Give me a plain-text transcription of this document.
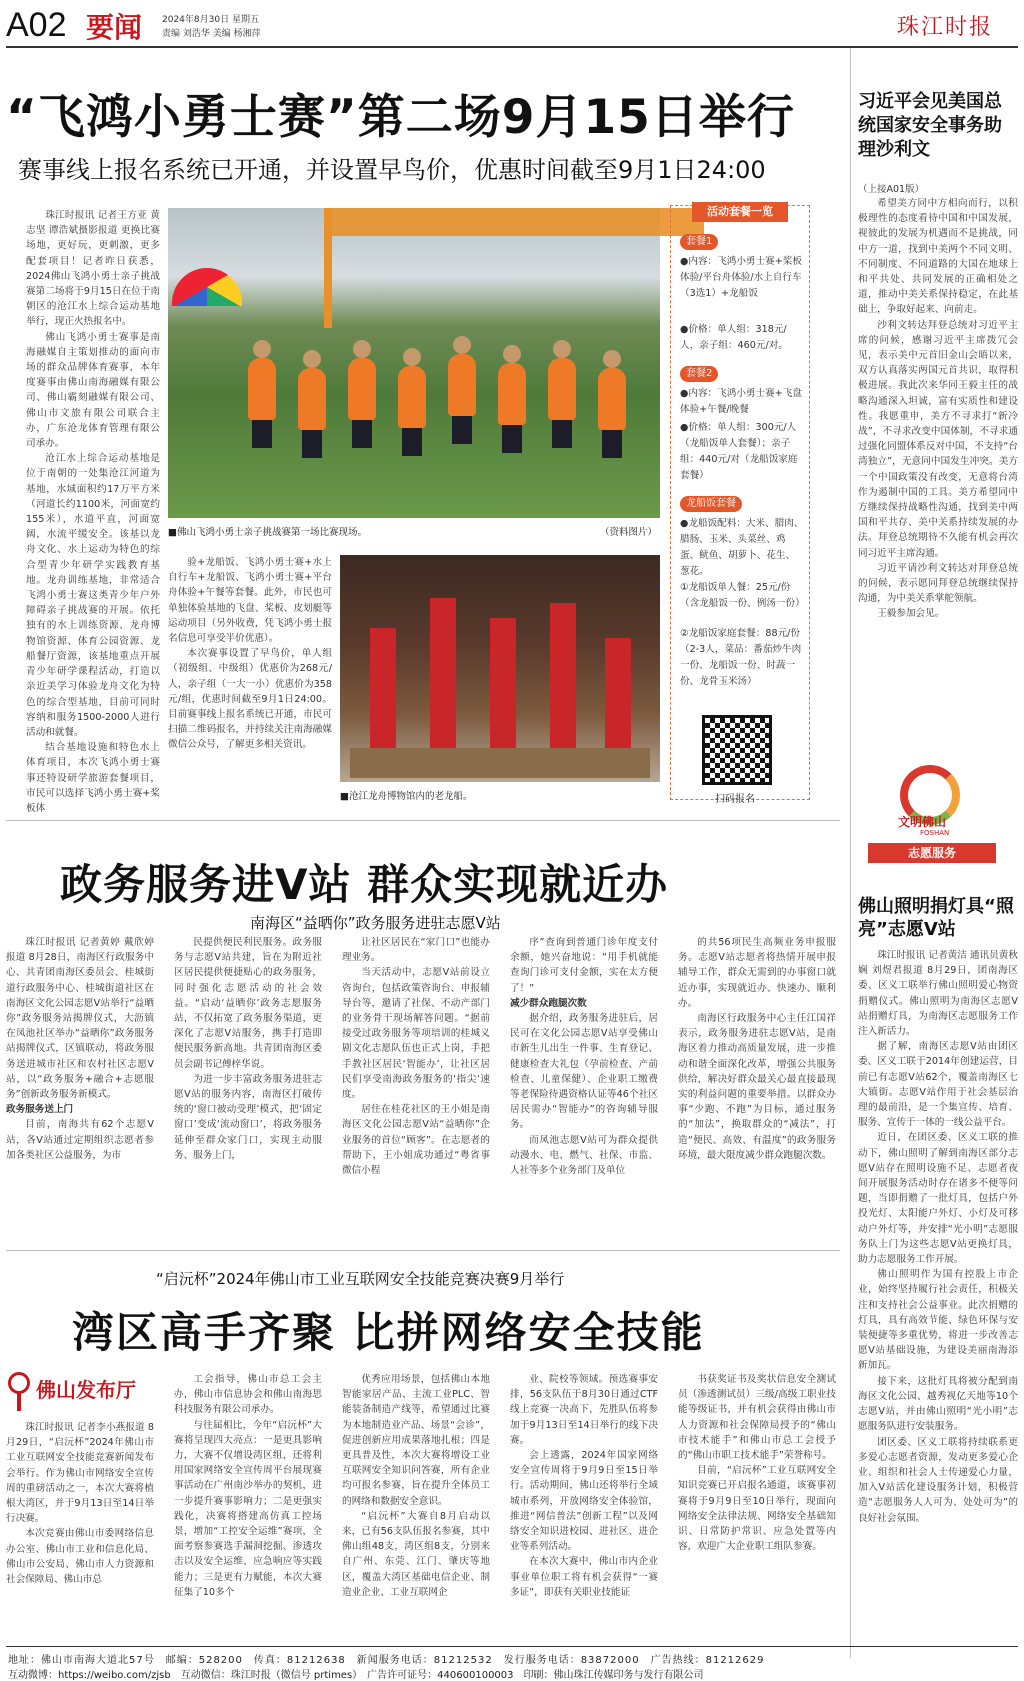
A02 要闻 2024年8月30日 星期五
责编 刘浩华 美编 杨湘萍	珠江时报
“飞鸿小勇士赛”第二场9月15日举行
赛事线上报名系统已开通，并设置早鸟价，优惠时间截至9月1日24:00

珠江时报讯 记者王方亚 黄志坚 谭浩斌摄影报道 更换比赛场地，更好玩，更刺激，更多配套项目！记者昨日获悉，2024佛山飞鸿小勇士亲子挑战赛第二场将于9月15日在位于南朝区的沧江水上综合运动基地举行，现正火热报名中。

佛山飞鸿小勇士赛事是南海融媒自主策划推动的面向市场的群众品牌体育赛事，本年度赛事由佛山南海融媒有限公司、佛山霸刻融媒有限公司、佛山市文旅有限公司联合主办，广东沧龙体育管理有限公司承办。

沧江水上综合运动基地是位于南朝的一处集沧江河道为基地，水域面积约17万平方米（河道长约1100米，河面宽约155米），水道平直，河面宽阔，水流平缓安全。该基以龙舟文化、水上运动为特色的综合型青少年研学实践教育基地。龙舟训练基地，非常适合飞鸿小勇士赛这类青少年户外障碍亲子挑战赛的开展。依托独有的水上训练资源、龙舟博物馆资源、体育公园资源、龙船餐厅资源，该基地重点开展青少年研学课程活动，打造以亲近美学习体验龙舟文化为特色的综合型基地，目前可同时容纳和服务1500-2000人进行活动和就餐。

结合基地设施和特色水上体育项目，本次飞鸿小勇士赛事还特设研学旅游套餐项目，市民可以选择飞鸿小勇士赛+桨板体

■佛山飞鸿小勇士亲子挑战赛第一场比赛现场。	（资料图片）

验+龙船饭、飞鸿小勇士赛+水上自行车+龙船饭、飞鸿小勇士赛+平台舟体验+午餐等套餐。此外，市民也可单独体验基地的飞盘、桨板、皮划艇等运动项目（另外收费，凭飞鸿小勇士报名信息可享受半价优惠）。

本次赛事设置了早鸟价，单人组（初级组、中级组）优惠价为268元/人，亲子组（一大一小）优惠价为358元/组，优惠时间截至9月1日24:00。目前赛事线上报名系统已开通，市民可扫描二维码报名，并持续关注南海融媒微信公众号，了解更多相关资讯。

■沧江龙舟博物馆内的老龙船。
活动套餐一览
套餐1
●内容：飞鸿小勇士赛+桨板体验/平台舟体验/水上自行车（3选1）+龙船饭
●价格：单人组：318元/人，亲子组：460元/对。
套餐2
●内容：飞鸿小勇士赛+飞盘体验+午餐/晚餐
●价格：单人组：300元/人（龙船饭单人套餐）；亲子组：440元/对（龙船饭家庭套餐）
龙船饭套餐
●龙船饭配料：大米、腊肉、腊肠、玉米、头菜丝、鸡蛋、鱿鱼、胡萝卜、花生、葱花。
①龙船饭单人餐：25元/份（含龙船饭一份、例汤一份）
②龙船饭家庭套餐：88元/份（2-3人，菜品：番茄炒牛肉一份、龙船饭一份、时蔬一份、龙骨玉米汤）
扫码报名
习近平会见美国总统国家安全事务助理沙利文
（上接A01版）

希望美方同中方相向而行，以积极理性的态度看待中国和中国发展，视彼此的发展为机遇而不是挑战，同中方一道，找到中美两个不同文明、不同制度、不同道路的大国在地球上和平共处、共同发展的正确相处之道，推动中美关系保持稳定，在此基础上，争取好起来、向前走。

沙利文转达拜登总统对习近平主席的问候，感谢习近平主席拨冗会见，表示美中元首旧金山会晤以来，双方认真落实两国元首共识，取得积极进展。我此次来华同王毅主任的战略沟通深入坦诚，富有实质性和建设性。我愿重申，美方不寻求打“新冷战”，不寻求改变中国体制，不寻求通过强化同盟体系反对中国，不支持“台湾独立”，无意同中国发生冲突。美方一个中国政策没有改变，无意将台湾作为遏制中国的工具。美方希望同中方继续保持战略性沟通，找到美中两国和平共存、美中关系持续发展的办法。拜登总统期待不久能有机会再次同习近平主席沟通。

习近平请沙利文转达对拜登总统的问候，表示愿同拜登总统继续保持沟通，为中美关系掌舵领航。

王毅参加会见。

文明佛山
FOSHAN
志愿服务
佛山照明捐灯具“照亮”志愿V站

珠江时报讯 记者黄洁 通讯员黄秋娴 刘煜君报道 8月29日，团南海区委、区义工联举行佛山照明爱心物资捐赠仪式。佛山照明为南海区志愿V站捐赠灯具，为南海区志愿服务工作注入新活力。

据了解，南海区志愿V站由团区委、区义工联于2014年创建运营，目前已有志愿V站62个，覆盖南海区七大镇街。志愿V站作用于社会基层治理的最前沿，是一个集宣传、培育、服务、宣传于一体的一线公益平台。

近日，在团区委、区义工联的推动下，佛山照明了解到南海区部分志愿V站存在照明设施不足、志愿者夜间开展服务活动时存在诸多不便等问题，当即捐赠了一批灯具，包括户外投光灯、太阳能户外灯、小灯及可移动户外灯等，并安排“光小明”志愿服务队上门为这些志愿V站更换灯具，助力志愿服务工作开展。

佛山照明作为国有控股上市企业，始终坚持履行社会责任，积极关注和支持社会公益事业。此次捐赠的灯具，具有高效节能、绿色环保与安装便捷等多重优势，将进一步改善志愿V站基础设施，为建设美丽南海添新加瓦。

接下来，这批灯具将被分配到南海区文化公园、越秀视亿天地等10个志愿V站，并由佛山照明“光小明”志愿服务队进行安装服务。

团区委、区义工联将持续联系更多爱心志愿者资源，发动更多爱心企业、组织和社会人士传递爱心力量，加入V站活化建设服务计划，积极营造“志愿服务人人可为、处处可为”的良好社会氛围。

政务服务进Ⅴ站 群众实现就近办
南海区“益晒你”政务服务进驻志愿Ⅴ站

珠江时报讯 记者黄婷 戴欣婷报道 8月28日，南海区行政服务中心、共青团南海区委员会、桂城街道行政服务中心、桂城街道社区在南海区文化公园志愿V站举行“益晒你”政务服务站揭牌仪式，大沥镇在凤池社区举办“益晒你”政务服务站揭牌仪式，区镇联动，将政务服务送进城市社区和农村社区志愿V站，以“政务服务+融合+志愿服务”创新政务服务新模式。

政务服务送上门

目前，南海共有62个志愿V站，各V站通过定期组织志愿者参加各类社区公益服务，为市

民提供便民利民服务。政务服务与志愿V站共建，旨在为附近社区居民提供便捷贴心的政务服务，同时强化志愿活动的社会效益。“启动‘益晒你’政务志愿服务站，不仅拓宽了政务服务渠道，更深化了志愿V站服务，携手打造即便民服务新高地。共青团南海区委员会副书记傅梓华说。

为进一步丰富政务服务进驻志愿V站的服务内容，南海区打破传统的‘窗口被动受理’模式，把‘固定窗口’变成‘流动窗口’，将政务服务延伸至群众家门口，实现主动服务、服务上门，

让社区居民在“家门口”也能办理业务。

当天活动中，志愿V站前设立咨询台，包括政策咨询台、申报辅导台等，邀请了社保、不动产部门的业务骨干现场解答问题。“据前接受过政务服务等项培训的桂城义剧文化志愿队伍也正式上岗，手把手教社区居民‘智能办’，让社区居民们享受南海政务服务的‘指尖’速度。

居住在桂花社区的王小姐是南海区文化公园志愿V站“益晒你”企业服务的首位“顾客”。在志愿者的帮助下，王小姐成功通过“粤省事微信小程

序”查询到普通门诊年度支付余额，她兴奋地说：“用手机就能查询门诊可支付金额，实在太方便了！”

减少群众跑腿次数

据介绍，政务服务进驻后，居民可在文化公园志愿V站享受佛山市新生儿出生一件事、生育登记、健康检查大礼包（孕前检查、产前检查、儿童保健）、企业职工缴费等老保险待遇资格认证等46个社区居民需办“智能办”的咨询辅导服务。

而凤池志愿V站可为群众提供动漫水、电、燃气、社保、市监、人社等多个业务部门及单位

的共56项民生高频业务申报服务。志愿V站志愿者将热情开展申报辅导工作，群众无需到的办事窗口就近办事，实现就近办、快速办、顺利办。

南海区行政服务中心主任江国祥表示，政务服务进驻志愿V站，是南海区着力推动高质量发展，进一步推动和谐全面深化改革，增强公共服务供给，解决好群众最关心最直接最现实的利益问题的重要举措。以群众办事“少跑、不跑”为目标，通过服务的“加法”，换取群众的“减法”，打造“便民、高效、有温度”的政务服务环境，最大限度减少群众跑腿次数。

“启沅杯”2024年佛山市工业互联网安全技能竞赛决赛9月举行
湾区高手齐聚 比拼网络安全技能
佛山发布厅

珠江时报讯 记者李小燕报道 8月29日，“启沅杯”2024年佛山市工业互联网安全技能竞赛新闻发布会举行。作为佛山市网络安全宣传周的重磅活动之一，本次大赛将植根大湾区，并于9月13日至14日举行决赛。

本次竞赛由佛山市委网络信息办公室、佛山市工业和信息化局、佛山市公安局、佛山市人力资源和社会保障局、佛山市总

工会指导，佛山市总工会主办，佛山市信息协会和佛山南海思科技服务有限公司承办。

与往届相比，今年“启沅杯”大赛将呈现四大亮点：一是更具影响力，大赛不仅增设湾区组，还将利用国家网络安全宣传周平台展现赛事活动在广州南沙举办的契机，进一步提升赛事影响力；二是更强实践化，决赛将搭建高仿真工控场景，增加“工控安全运维”赛项，全面考察参赛选手漏洞挖掘、渗透攻击以及安全运维、应急响应等实践能力；三是更有力赋能，本次大赛征集了10多个

优秀应用场景，包括佛山本地智能家居产品、主流工业PLC、智能装备制造产线等，希望通过比赛为本地制造业产品、场景“会诊”，促进创新应用成果落地扎根；四是更具普及性，本次大赛将增设工业互联网安全知识问答赛，所有企业均可报名参赛，旨在提升全体员工的网络和数据安全意识。

“启沅杯”大赛自8月启动以来，已有56支队伍报名参赛，其中佛山组48支，湾区组8支，分别来自广州、东莞、江门、肇庆等地区，覆盖大湾区基础电信企业、制造业企业、工业互联网企

业、院校等领域。预选赛事安排，56支队伍于8月30日通过CTF线上竞赛一决高下，先胜队伍将参加于9月13日至14日举行的线下决赛。

会上透露，2024年国家网络安全宣传周将于9月9日至15日举行。活动期间，佛山还将举行全域城市系列，开放网络安全体验馆，推进“网信普法”创新工程”以及网络安全知识进校园、进社区、进企业等系列活动。

在本次大赛中，佛山市内企业事业单位职工将有机会获得“一赛多证”，即获有关职业技能证

书获奖证书及奖状信息安全测试员（渗透测试员）三级/高级工职业技能等级证书，并有机会获得由佛山市人力资源和社会保障局授予的“佛山市技术能手”和佛山市总工会授予的“佛山市职工技术能手”荣誉称号。

目前，“启沅杯”工业互联网安全知识竞赛已开启报名通道，该赛事初赛将于9月9日至10日举行，现面向网络安全法律法规、网络安全基础知识、日常防护常识、应急处置等内容，欢迎广大企业职工组队参赛。

地址：佛山市南海大道北57号　邮编：528200　传真：81212638　新闻服务电话：81212532　发行服务电话：83872000　广告热线：81212629
互动微博：https://weibo.com/zjsb　互动微信：珠江时报（微信号 prtimes）　广告许可证号：440600100003　印刷：佛山珠江传媒印务与发行有限公司
